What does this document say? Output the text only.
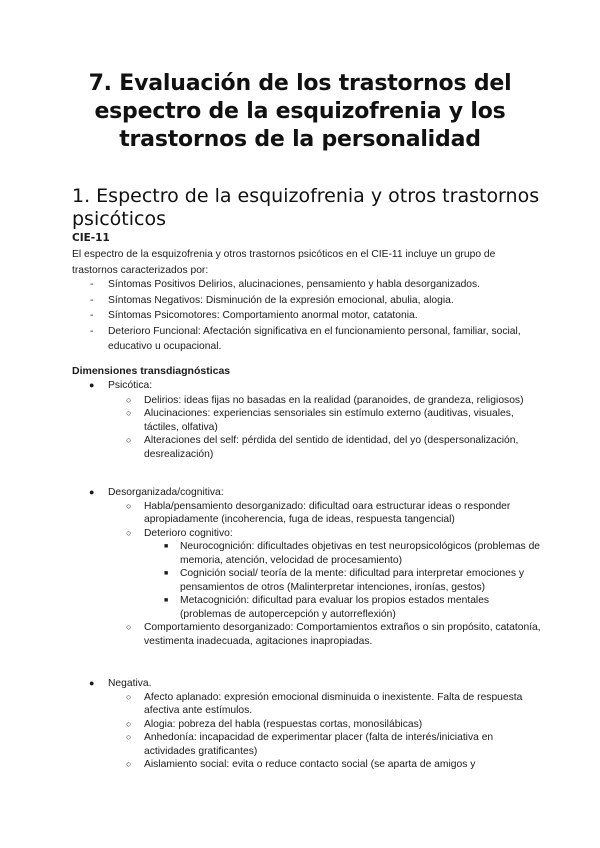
7. Evaluación de los trastornos del espectro de la esquizofrenia y los trastornos de la personalidad
1. Espectro de la esquizofrenia y otros trastornos psicóticos
CIE-11
El espectro de la esquizofrenia y otros trastornos psicóticos en el CIE-11 incluye un grupo de trastornos caracterizados por:
- Síntomas Positivos Delirios, alucinaciones, pensamiento y habla desorganizados.
- Síntomas Negativos: Disminución de la expresión emocional, abulia, alogia.
- Síntomas Psicomotores: Comportamiento anormal motor, catatonia.
- Deterioro Funcional: Afectación significativa en el funcionamiento personal, familiar, social, educativo u ocupacional.
Dimensiones transdiagnósticas
● Psicótica:
○ Delirios: ideas fijas no basadas en la realidad (paranoides, de grandeza, religiosos)
○ Alucinaciones: experiencias sensoriales sin estímulo externo (auditivas, visuales, táctiles, olfativa)
○ Alteraciones del self: pérdida del sentido de identidad, del yo (despersonalización, desrealización)
● Desorganizada/cognitiva:
○ Habla/pensamiento desorganizado: dificultad oara estructurar ideas o responder apropiadamente (incoherencia, fuga de ideas, respuesta tangencial)
○ Deterioro cognitivo:
■ Neurocognición: dificultades objetivas en test neuropsicológicos (problemas de memoria, atención, velocidad de procesamiento)
■ Cognición social/ teoría de la mente: dificultad para interpretar emociones y pensamientos de otros (Malinterpretar intenciones, ironías, gestos)
■ Metacognición: dificultad para evaluar los propios estados mentales (problemas de autopercepción y autorreflexión)
○ Comportamiento desorganizado: Comportamientos extraños o sin propósito, catatonía, vestimenta inadecuada, agitaciones inapropiadas.
● Negativa.
○ Afecto aplanado: expresión emocional disminuida o inexistente. Falta de respuesta afectiva ante estímulos.
○ Alogia: pobreza del habla (respuestas cortas, monosilábicas)
○ Anhedonía: incapacidad de experimentar placer (falta de interés/iniciativa en actividades gratificantes)
○ Aislamiento social: evita o reduce contacto social (se aparta de amigos y
